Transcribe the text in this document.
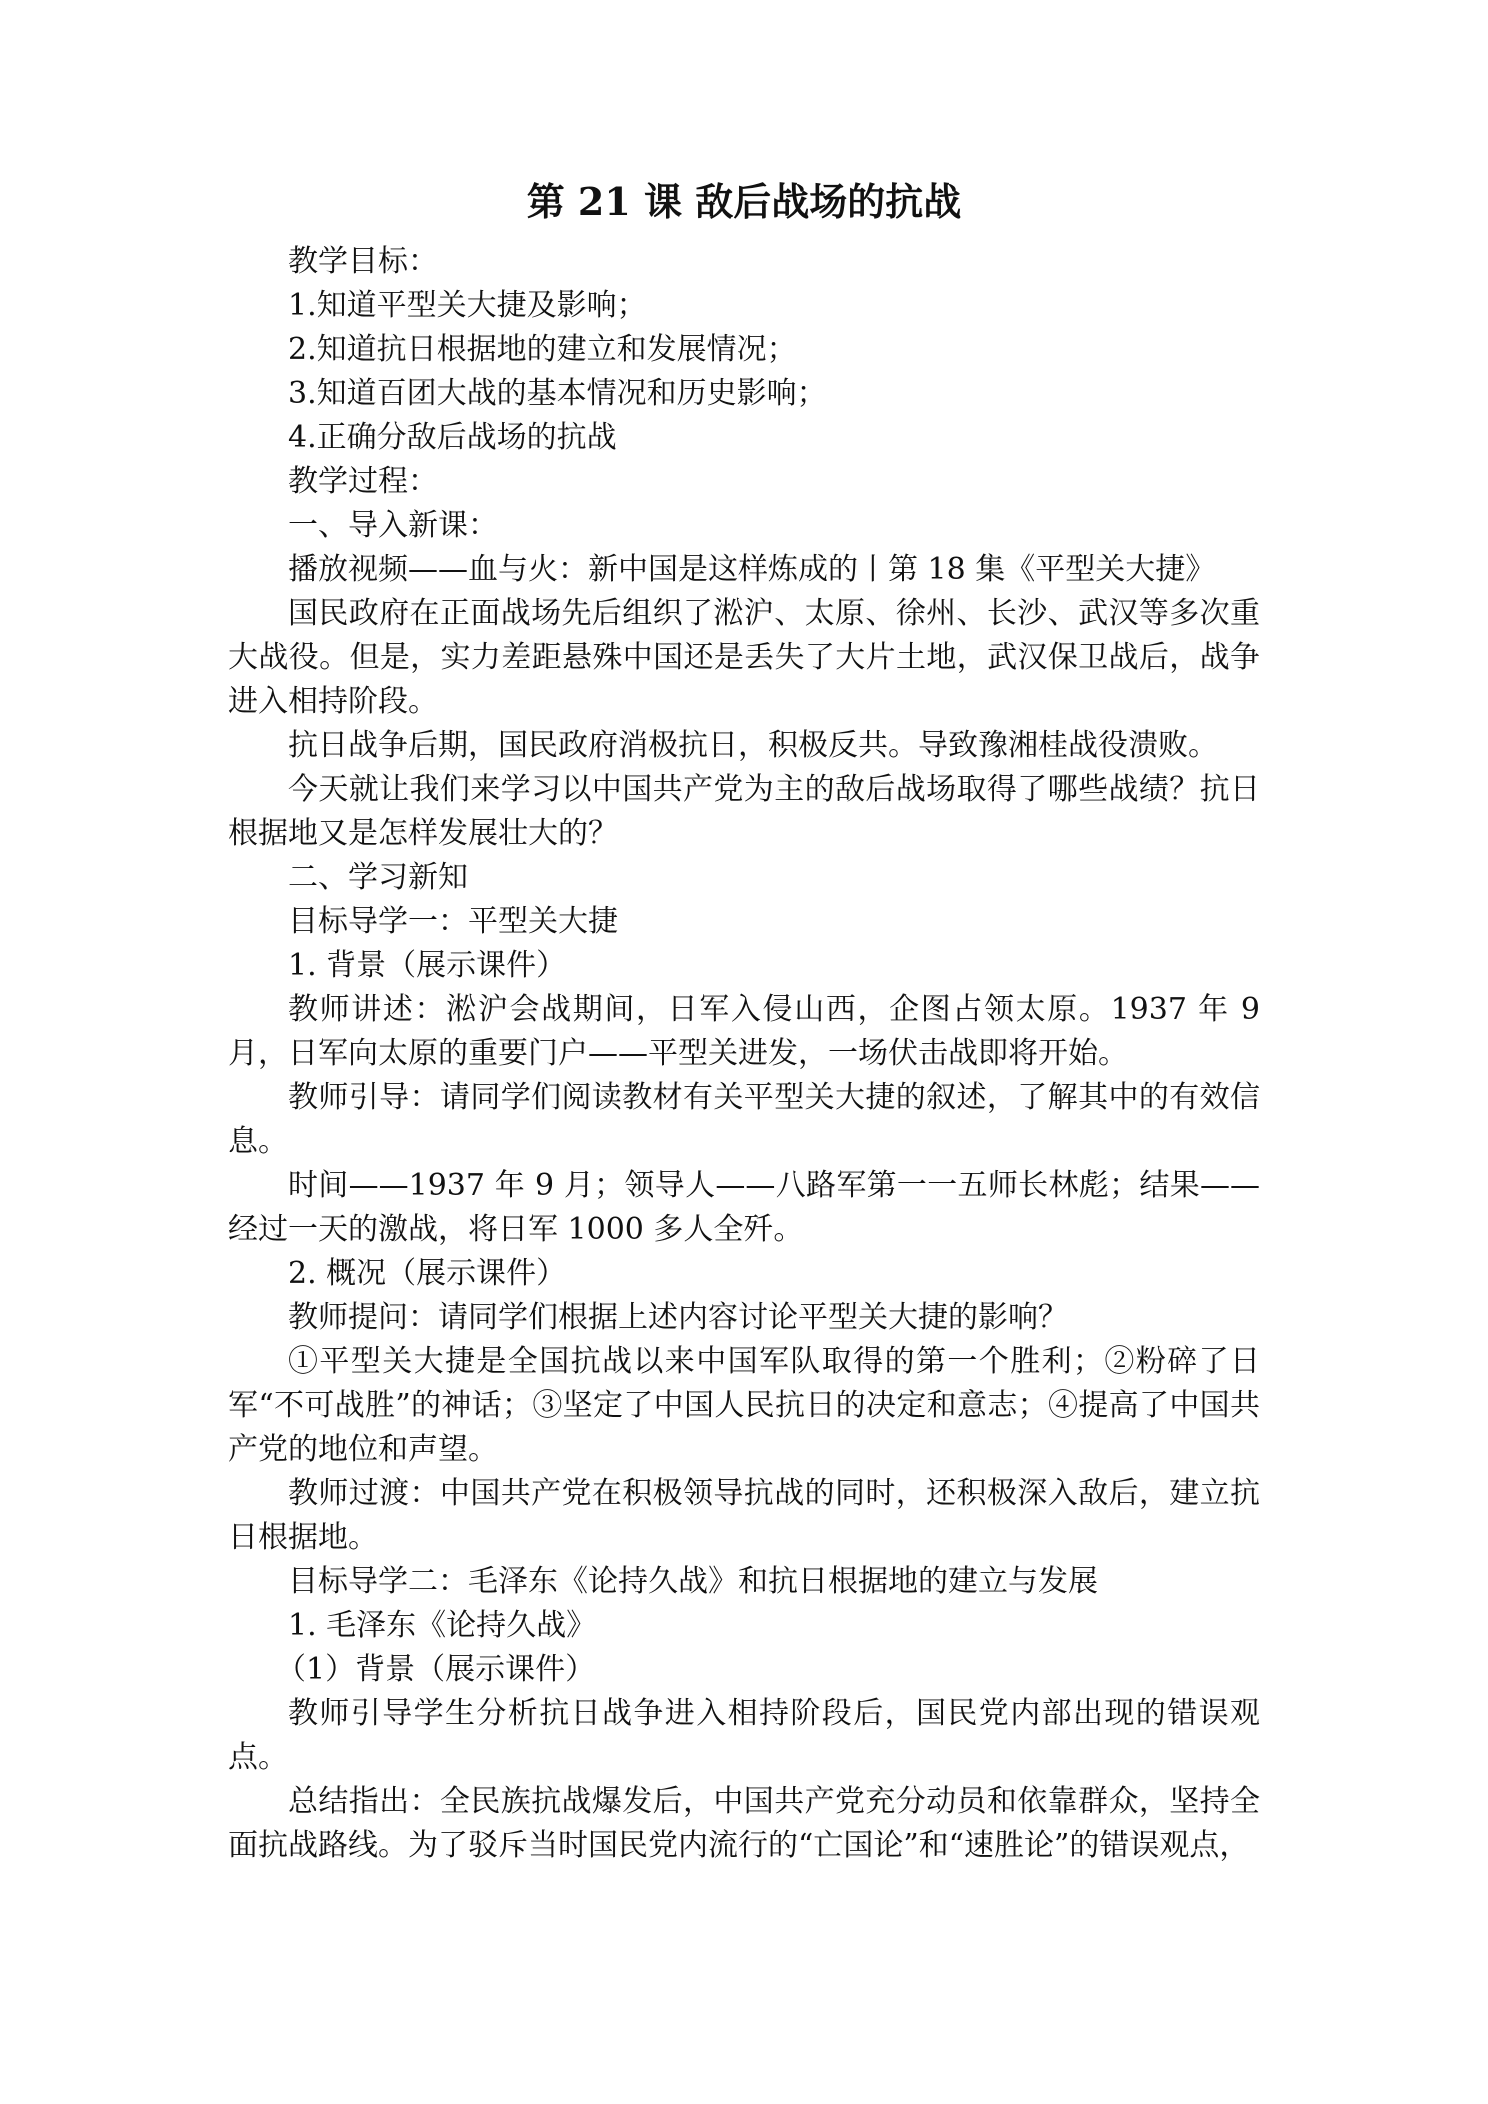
第 21 课 敌后战场的抗战

教学目标：

1.知道平型关大捷及影响；

2.知道抗日根据地的建立和发展情况；

3.知道百团大战的基本情况和历史影响；

4.正确分敌后战场的抗战

教学过程：

一、导入新课：

播放视频——血与火：新中国是这样炼成的丨第 18 集《平型关大捷》

国民政府在正面战场先后组织了淞沪、太原、徐州、长沙、武汉等多次重大战役。但是，实力差距悬殊中国还是丢失了大片土地，武汉保卫战后，战争进入相持阶段。

抗日战争后期，国民政府消极抗日，积极反共。导致豫湘桂战役溃败。

今天就让我们来学习以中国共产党为主的敌后战场取得了哪些战绩？抗日根据地又是怎样发展壮大的？

二、学习新知

目标导学一：平型关大捷

1. 背景（展示课件）

教师讲述：淞沪会战期间，日军入侵山西，企图占领太原。1937 年 9 月，日军向太原的重要门户——平型关进发，一场伏击战即将开始。

教师引导：请同学们阅读教材有关平型关大捷的叙述，了解其中的有效信息。

时间——1937 年 9 月；领导人——八路军第一一五师长林彪；结果——经过一天的激战，将日军 1000 多人全歼。

2. 概况（展示课件）

教师提问：请同学们根据上述内容讨论平型关大捷的影响？

①平型关大捷是全国抗战以来中国军队取得的第一个胜利；②粉碎了日军“不可战胜”的神话；③坚定了中国人民抗日的决定和意志；④提高了中国共产党的地位和声望。

教师过渡：中国共产党在积极领导抗战的同时，还积极深入敌后，建立抗日根据地。

目标导学二：毛泽东《论持久战》和抗日根据地的建立与发展

1. 毛泽东《论持久战》

（1）背景（展示课件）

教师引导学生分析抗日战争进入相持阶段后，国民党内部出现的错误观点。

总结指出：全民族抗战爆发后，中国共产党充分动员和依靠群众，坚持全面抗战路线。为了驳斥当时国民党内流行的“亡国论”和“速胜论”的错误观点，
